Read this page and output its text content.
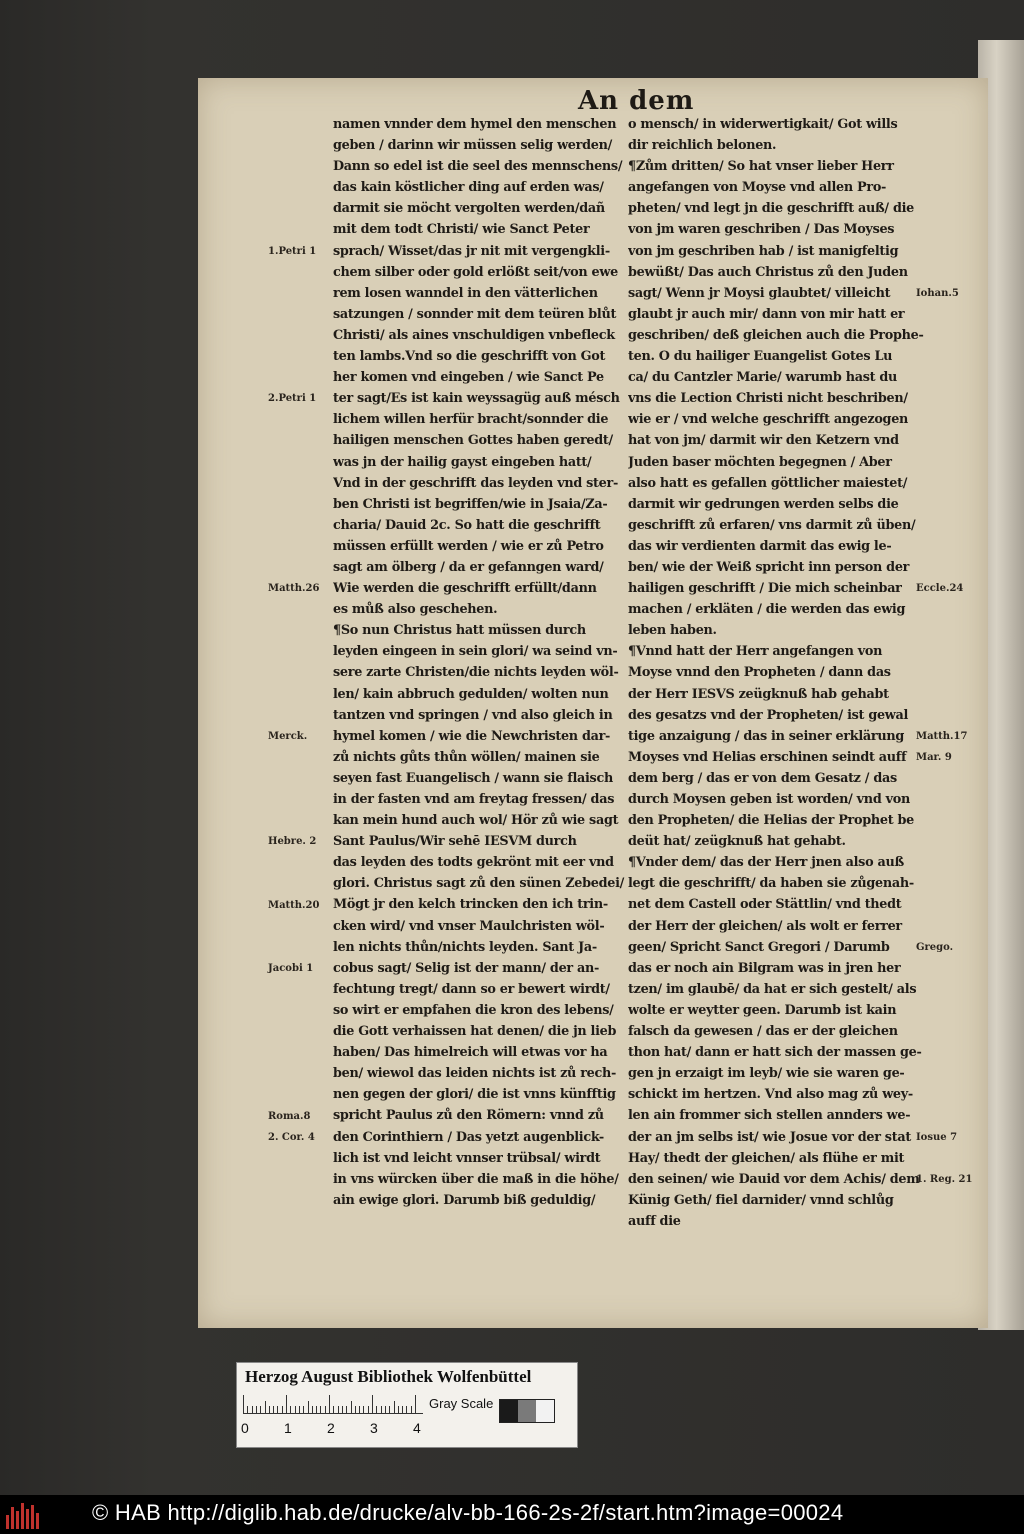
An dem
namen vnnder dem hymel den menschen
geben / darinn wir müssen selig werden/
Dann so edel ist die seel des mennschens/
das kain köstlicher ding auf erden was/
darmit sie möcht vergolten werden/dañ
mit dem todt Christi/ wie Sanct Peter
sprach/ Wisset/das jr nit mit vergengkli-
chem silber oder gold erlößt seit/von ewe
rem losen wanndel in den vätterlichen
satzungen / sonnder mit dem teüren blůt
Christi/ als aines vnschuldigen vnbefleck
ten lambs.Vnd so die geschrifft von Got
her komen vnd eingeben / wie Sanct Pe
ter sagt/Es ist kain weyssagüg auß mésch
lichem willen herfür bracht/sonnder die
hailigen menschen Gottes haben geredt/
was jn der hailig gayst eingeben hatt/
Vnd in der geschrifft das leyden vnd ster-
ben Christi ist begriffen/wie in Jsaia/Za-
charia/ Dauid 2c. So hatt die geschrifft
müssen erfüllt werden / wie er zů Petro
sagt am ölberg / da er gefanngen ward/
Wie werden die geschrifft erfüllt/dann
es můß also geschehen.
¶So nun Christus hatt müssen durch
leyden eingeen in sein glori/ wa seind vn-
sere zarte Christen/die nichts leyden wöl-
len/ kain abbruch gedulden/ wolten nun
tantzen vnd springen / vnd also gleich in
hymel komen / wie die Newchristen dar-
zů nichts gůts thůn wöllen/ mainen sie
seyen fast Euangelisch / wann sie flaisch
in der fasten vnd am freytag fressen/ das
kan mein hund auch wol/ Hör zů wie sagt
Sant Paulus/Wir sehē IESVM durch
das leyden des todts gekrönt mit eer vnd
glori. Christus sagt zů den sünen Zebedei/
Mögt jr den kelch trincken den ich trin-
cken wird/ vnd vnser Maulchristen wöl-
len nichts thůn/nichts leyden. Sant Ja-
cobus sagt/ Selig ist der mann/ der an-
fechtung tregt/ dann so er bewert wirdt/
so wirt er empfahen die kron des lebens/
die Gott verhaissen hat denen/ die jn lieb
haben/ Das himelreich will etwas vor ha
ben/ wiewol das leiden nichts ist zů rech-
nen gegen der glori/ die ist vnns künfftig
spricht Paulus zů den Römern: vnnd zů
den Corinthiern / Das yetzt augenblick-
lich ist vnd leicht vnnser trübsal/ wirdt
in vns würcken über die maß in die höhe/
ain ewige glori. Darumb biß geduldig/
o mensch/ in widerwertigkait/ Got wills
dir reichlich belonen.
¶Zům dritten/ So hat vnser lieber Herr
angefangen von Moyse vnd allen Pro-
pheten/ vnd legt jn die geschrifft auß/ die
von jm waren geschriben / Das Moyses
von jm geschriben hab / ist manigfeltig
bewüßt/ Das auch Christus zů den Juden
sagt/ Wenn jr Moysi glaubtet/ villeicht
glaubt jr auch mir/ dann von mir hatt er
geschriben/ deß gleichen auch die Prophe-
ten. O du hailiger Euangelist Gotes Lu
ca/ du Cantzler Marie/ warumb hast du
vns die Lection Christi nicht beschriben/
wie er / vnd welche geschrifft angezogen
hat von jm/ darmit wir den Ketzern vnd
Juden baser möchten begegnen / Aber
also hatt es gefallen göttlicher maiestet/
darmit wir gedrungen werden selbs die
geschrifft zů erfaren/ vns darmit zů üben/
das wir verdienten darmit das ewig le-
ben/ wie der Weiß spricht inn person der
hailigen geschrifft / Die mich scheinbar
machen / erkläten / die werden das ewig
leben haben.
¶Vnnd hatt der Herr angefangen von
Moyse vnnd den Propheten / dann das
der Herr IESVS zeügknuß hab gehabt
des gesatzs vnd der Propheten/ ist gewal
tige anzaigung / das in seiner erklärung
Moyses vnd Helias erschinen seindt auff
dem berg / das er von dem Gesatz / das
durch Moysen geben ist worden/ vnd von
den Propheten/ die Helias der Prophet be
deüt hat/ zeügknuß hat gehabt.
¶Vnder dem/ das der Herr jnen also auß
legt die geschrifft/ da haben sie zůgenah-
net dem Castell oder Stättlin/ vnd thedt
der Herr der gleichen/ als wolt er ferrer
geen/ Spricht Sanct Gregori / Darumb
das er noch ain Bilgram was in jren her
tzen/ im glaubē/ da hat er sich gestelt/ als
wolte er weytter geen. Darumb ist kain
falsch da gewesen / das er der gleichen
thon hat/ dann er hatt sich der massen ge-
gen jn erzaigt im leyb/ wie sie waren ge-
schickt im hertzen. Vnd also mag zů wey-
len ain frommer sich stellen annders we-
der an jm selbs ist/ wie Josue vor der stat
Hay/ thedt der gleichen/ als flühe er mit
den seinen/ wie Dauid vor dem Achis/ dem
Künig Geth/ fiel darnider/ vnnd schlůg
auff die
1.Petri 1
2.Petri 1
Matth.26
Merck.
Hebre. 2
Matth.20
Jacobi 1
Roma.8
2. Cor. 4
Iohan.5
Eccle.24
Matth.17
Mar. 9
Grego.
Iosue 7
1. Reg. 21
Herzog August Bibliothek Wolfenbüttel
0	1	2	3	4
Gray Scale
© HAB http://diglib.hab.de/drucke/alv-bb-166-2s-2f/start.htm?image=00024
